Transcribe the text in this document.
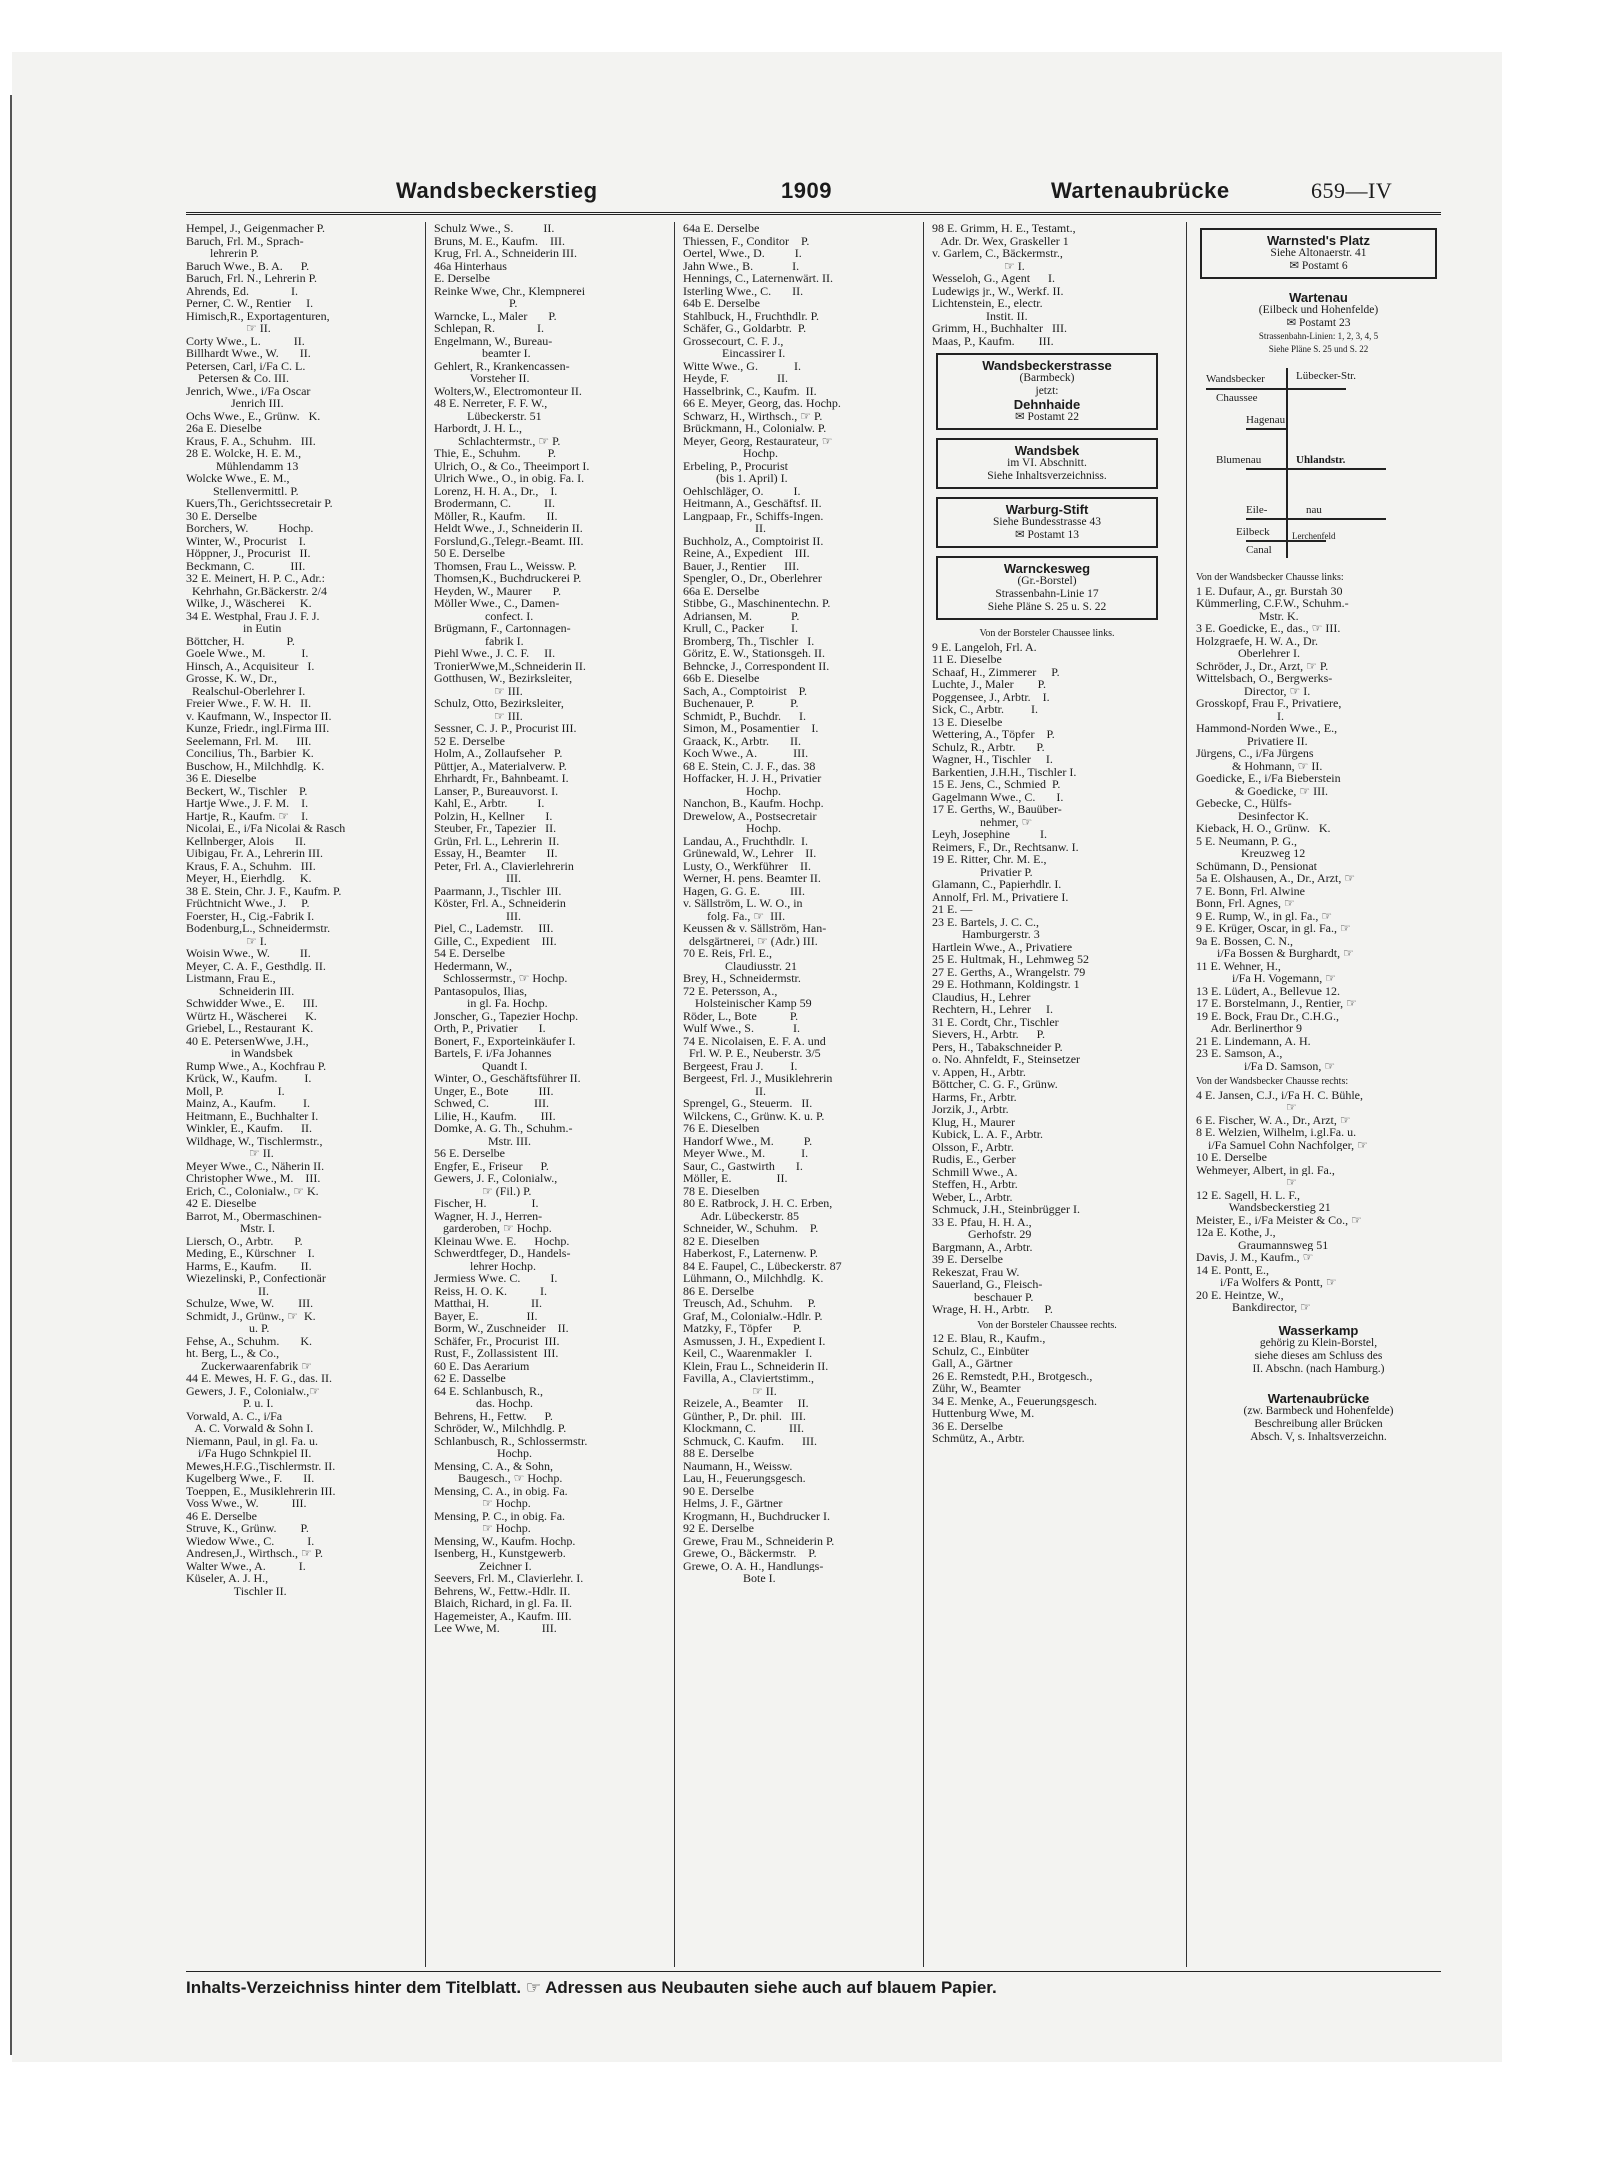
Wandsbeckerstieg	1909	Wartenaubrücke	659—IV
Hempel, J., Geigenmacher P.
Baruch, Frl. M., Sprach-
lehrerin P.
Baruch Wwe., B. A.      P.
Baruch, Frl. N., Lehrerin P.
Ahrends, Ed.              I.
Perner, C. W., Rentier     I.
Himisch,R., Exportagenturen,
☞ II.
Corty Wwe., L.           II.
Billhardt Wwe., W.       II.
Petersen, Carl, i/Fa C. L.
Petersen & Co. III.
Jenrich, Wwe., i/Fa Oscar
Jenrich III.
Ochs Wwe., E., Grünw.   K.
26a E. Dieselbe
Kraus, F. A., Schuhm.   III.
28 E. Wolcke, H. E. M.,
Mühlendamm 13
Wolcke Wwe., E. M.,
Stellenvermittl. P.
Kuers,Th., Gerichtssecretair P.
30 E. Derselbe
Borchers, W.          Hochp.
Winter, W., Procurist    I.
Höppner, J., Procurist   II.
Beckmann, C.            III.
32 E. Meinert, H. P. C., Adr.:
Kehrhahn, Gr.Bäckerstr. 2/4
Wilke, J., Wäscherei     K.
34 E. Westphal, Frau J. F. J.
in Eutin
Böttcher, H.              P.
Goele Wwe., M.            I.
Hinsch, A., Acquisiteur   I.
Grosse, K. W., Dr.,
Realschul-Oberlehrer I.
Freier Wwe., F. W. H.   II.
v. Kaufmann, W., Inspector II.
Kunze, Friedr., ingl.Firma III.
Seelemann, Frl. M.      III.
Concilius, Th., Barbier  K.
Buschow, H., Milchhdlg.  K.
36 E. Dieselbe
Beckert, W., Tischler    P.
Hartje Wwe., J. F. M.    I.
Hartje, R., Kaufm. ☞    I.
Nicolai, E., i/Fa Nicolai & Rasch
Kellnberger, Alois       II.
Uibigau, Fr. A., Lehrerin III.
Kraus, F. A., Schuhm.   III.
Meyer, H., Eierhdlg.     K.
38 E. Stein, Chr. J. F., Kaufm. P.
Früchtnicht Wwe., J.     P.
Foerster, H., Cig.-Fabrik I.
Bodenburg,L., Schneidermstr.
☞ I.
Woisin Wwe., W.          II.
Meyer, C. A. F., Gesthdlg. II.
Listmann, Frau E.,
Schneiderin III.
Schwidder Wwe., E.      III.
Würtz H., Wäscherei      K.
Griebel, L., Restaurant  K.
40 E. PetersenWwe, J.H.,
in Wandsbek
Rump Wwe., A., Kochfrau P.
Krück, W., Kaufm.         I.
Moll, P.                  I.
Mainz, A., Kaufm.         I.
Heitmann, E., Buchhalter I.
Winkler, E., Kaufm.      II.
Wildhage, W., Tischlermstr.,
☞ II.
Meyer Wwe., C., Näherin II.
Christopher Wwe., M.    III.
Erich, C., Colonialw., ☞ K.
42 E. Dieselbe
Barrot, M., Obermaschinen-
Mstr. I.
Liersch, O., Arbtr.       P.
Meding, E., Kürschner    I.
Harms, E., Kaufm.        II.
Wiezelinski, P., Confectionär
II.
Schulze, Wwe, W.        III.
Schmidt, J., Grünw., ☞  K.
u. P.
Fehse, A., Schuhm.       K.
ht. Berg, L., & Co.,
Zuckerwaarenfabrik ☞
44 E. Mewes, H. F. G., das. II.
Gewers, J. F., Colonialw.,☞
P. u. I.
Vorwald, A. C., i/Fa
A. C. Vorwald & Sohn I.
Niemann, Paul, in gl. Fa. u.
i/Fa Hugo Schnkpiel II.
Mewes,H.F.G.,Tischlermstr. II.
Kugelberg Wwe., F.       II.
Toeppen, E., Musiklehrerin III.
Voss Wwe., W.           III.
46 E. Derselbe
Struve, K., Grünw.        P.
Wiedow Wwe., C.           I.
Andresen,J., Wirthsch., ☞ P.
Walter Wwe., A.           I.
Küseler, A. J. H.,
Tischler II.
Schulz Wwe., S.          II.
Bruns, M. E., Kaufm.    III.
Krug, Frl. A., Schneiderin III.
46a Hinterhaus
E. Derselbe
Reinke Wwe, Chr., Klempnerei
P.
Warncke, L., Maler       P.
Schlepan, R.              I.
Engelmann, W., Bureau-
beamter I.
Gehlert, R., Krankencassen-
Vorsteher II.
Wolters,W., Electromonteur II.
48 E. Nerreter, F. F. W.,
Lübeckerstr. 51
Harbordt, J. H. L.,
Schlachtermstr., ☞ P.
Thie, E., Schuhm.         P.
Ulrich, O., & Co., Theeimport I.
Ulrich Wwe., O., in obig. Fa. I.
Lorenz, H. H. A., Dr.,    I.
Brodermann, C.           II.
Möller, R., Kaufm.       II.
Heldt Wwe., J., Schneiderin II.
Forslund,G.,Telegr.-Beamt. III.
50 E. Derselbe
Thomsen, Frau L., Weissw. P.
Thomsen,K., Buchdruckerei P.
Heyden, W., Maurer       P.
Möller Wwe., C., Damen-
confect. I.
Brügmann, F., Cartonnagen-
fabrik I.
Piehl Wwe., J. C. F.     II.
TronierWwe,M.,Schneiderin II.
Gotthusen, W., Bezirksleiter,
☞ III.
Schulz, Otto, Bezirksleiter,
☞ III.
Sessner, C. J. P., Procurist III.
52 E. Derselbe
Holm, A., Zollaufseher   P.
Püttjer, A., Materialverw. P.
Ehrhardt, Fr., Bahnbeamt. I.
Lanser, P., Bureauvorst. I.
Kahl, E., Arbtr.          I.
Polzin, H., Kellner       I.
Steuber, Fr., Tapezier   II.
Grün, Frl. L., Lehrerin  II.
Essay, H., Beamter       II.
Peter, Frl. A., Clavierlehrerin
III.
Paarmann, J., Tischler  III.
Köster, Frl. A., Schneiderin
III.
Piel, C., Lademstr.     III.
Gille, C., Expedient    III.
54 E. Derselbe
Hedermann, W.,
Schlossermstr., ☞ Hochp.
Pantasopulos, Ilias,
in gl. Fa. Hochp.
Jonscher, G., Tapezier Hochp.
Orth, P., Privatier       I.
Bonert, F., Exporteinkäufer I.
Bartels, F. i/Fa Johannes
Quandt I.
Winter, O., Geschäftsführer II.
Unger, E., Bote          III.
Schwed, C.               III.
Lilie, H., Kaufm.        III.
Domke, A. G. Th., Schuhm.-
Mstr. III.
56 E. Derselbe
Engfer, E., Friseur      P.
Gewers, J. F., Colonialw.,
☞ (Fil.) P.
Fischer, H.               I.
Wagner, H. J., Herren-
garderoben, ☞ Hochp.
Kleinau Wwe. E.      Hochp.
Schwerdtfeger, D., Handels-
lehrer Hochp.
Jermiess Wwe. C.          I.
Reiss, H. O. K.           I.
Matthai, H.              II.
Bayer, E.                II.
Borm, W., Zuschneider    II.
Schäfer, Fr., Procurist  III.
Rust, F., Zollassistent  III.
60 E. Das Aerarium
62 E. Dasselbe
64 E. Schlanbusch, R.,
das. Hochp.
Behrens, H., Fettw.      P.
Schröder, W., Milchhdlg. P.
Schlanbusch, R., Schlossermstr.
Hochp.
Mensing, C. A., & Sohn,
Baugesch., ☞ Hochp.
Mensing, C. A., in obig. Fa.
☞ Hochp.
Mensing, P. C., in obig. Fa.
☞ Hochp.
Mensing, W., Kaufm. Hochp.
Isenberg, H., Kunstgewerb.
Zeichner I.
Seevers, Frl. M., Clavierlehr. I.
Behrens, W., Fettw.-Hdlr. II.
Blaich, Richard, in gl. Fa. II.
Hagemeister, A., Kaufm. III.
Lee Wwe, M.              III.
64a E. Derselbe
Thiessen, F., Conditor    P.
Oertel, Wwe., D.          I.
Jahn Wwe., B.             I.
Hennings, C., Laternenwärt. II.
Isterling Wwe., C.       II.
64b E. Derselbe
Stahlbuck, H., Fruchthdlr. P.
Schäfer, G., Goldarbtr.  P.
Grossecourt, C. F. J.,
Eincassirer I.
Witte Wwe., G.            I.
Heyde, F.                II.
Hasselbrink, C., Kaufm.  II.
66 E. Meyer, Georg, das. Hochp.
Schwarz, H., Wirthsch., ☞ P.
Brückmann, H., Colonialw. P.
Meyer, Georg, Restaurateur, ☞
Hochp.
Erbeling, P., Procurist
(bis 1. April) I.
Oehlschläger, O.          I.
Heitmann, A., Geschäftsf. II.
Langpaap, Fr., Schiffs-Ingen.
II.
Buchholz, A., Comptoirist II.
Reine, A., Expedient    III.
Bauer, J., Rentier      III.
Spengler, O., Dr., Oberlehrer
66a E. Derselbe
Stibbe, G., Maschinentechn. P.
Adriansen, M.             P.
Krull, C., Packer         I.
Bromberg, Th., Tischler   I.
Göritz, E. W., Stationsgeh. II.
Behncke, J., Correspondent II.
66b E. Dieselbe
Sach, A., Comptoirist    P.
Buchenauer, P.            P.
Schmidt, P., Buchdr.      I.
Simon, M., Posamentier    I.
Graack, K., Arbtr.       II.
Koch Wwe., A.            III.
68 E. Stein, C. J. F., das. 38
Hoffacker, H. J. H., Privatier
Hochp.
Nanchon, B., Kaufm. Hochp.
Drewelow, A., Postsecretair
Hochp.
Landau, A., Fruchthdlr.  I.
Grünewald, W., Lehrer    II.
Lusty, O., Werkführer    II.
Werner, H. pens. Beamter II.
Hagen, G. G. E.          III.
v. Sällström, L. W. O., in
folg. Fa., ☞  III.
Keussen & v. Sällström, Han-
delsgärtnerei, ☞ (Adr.) III.
70 E. Reis, Frl. E.,
Claudiusstr. 21
Brey, H., Schneidermstr.
72 E. Petersson, A.,
Holsteinischer Kamp 59
Röder, L., Bote           P.
Wulf Wwe., S.             I.
74 E. Nicolaisen, E. F. A. und
Frl. W. P. E., Neuberstr. 3/5
Bergeest, Frau J.         I.
Bergeest, Frl. J., Musiklehrerin
II.
Sprengel, G., Steuerm.   II.
Wilckens, C., Grünw. K. u. P.
76 E. Dieselben
Handorf Wwe., M.          P.
Meyer Wwe., M.            I.
Saur, C., Gastwirth       I.
Möller, E.               II.
78 E. Dieselben
80 E. Ratbrock, J. H. C. Erben,
Adr. Lübeckerstr. 85
Schneider, W., Schuhm.    P.
82 E. Dieselben
Haberkost, F., Laternenw. P.
84 E. Faupel, C., Lübeckerstr. 87
Lühmann, O., Milchhdlg.  K.
86 E. Derselbe
Treusch, Ad., Schuhm.     P.
Graf, M., Colonialw.-Hdlr. P.
Matzky, F., Töpfer       P.
Asmussen, J. H., Expedient I.
Keil, C., Waarenmakler   I.
Klein, Frau L., Schneiderin II.
Favilla, A., Claviertstimm.,
☞ II.
Reizele, A., Beamter     II.
Günther, P., Dr. phil.   III.
Klockmann, C.           III.
Schmuck, C. Kaufm.      III.
88 E. Derselbe
Naumann, H., Weissw.
Lau, H., Feuerungsgesch.
90 E. Derselbe
Helms, J. F., Gärtner
Krogmann, H., Buchdrucker I.
92 E. Derselbe
Grewe, Frau M., Schneiderin P.
Grewe, O., Bäckermstr.    P.
Grewe, O. A. H., Handlungs-
Bote I.
98 E. Grimm, H. E., Testamt.,
Adr. Dr. Wex, Graskeller 1
v. Garlem, C., Bäckermstr.,
☞ I.
Wesseloh, G., Agent      I.
Ludewigs jr., W., Werkf. II.
Lichtenstein, E., electr.
Instit. II.
Grimm, H., Buchhalter   III.
Maas, P., Kaufm.        III.
Wandsbeckerstrasse
(Barmbeck)
jetzt:
Dehnhaide
✉ Postamt 22
Wandsbek
im VI. Abschnitt.
Siehe Inhaltsverzeichniss.
Warburg-Stift
Siehe Bundesstrasse 43
✉ Postamt 13
Warnckesweg
(Gr.-Borstel)
Strassenbahn-Linie 17
Siehe Pläne S. 25 u. S. 22
Von der Borsteler Chaussee links.
9 E. Langeloh, Frl. A.
11 E. Dieselbe
Schaaf, H., Zimmerer     P.
Luchte, J., Maler        P.
Poggensee, J., Arbtr.    I.
Sick, C., Arbtr.         I.
13 E. Dieselbe
Wettering, A., Töpfer    P.
Schulz, R., Arbtr.       P.
Wagner, H., Tischler     I.
Barkentien, J.H.H., Tischler I.
15 E. Jens, C., Schmied  P.
Gagelmann Wwe., C.       I.
17 E. Gerths, W., Bauüber-
nehmer, ☞
Leyh, Josephine          I.
Reimers, F., Dr., Rechtsanw. I.
19 E. Ritter, Chr. M. E.,
Privatier P.
Glamann, C., Papierhdlr. I.
Annolf, Frl. M., Privatiere I.
21 E. —
23 E. Bartels, J. C. C.,
Hamburgerstr. 3
Hartlein Wwe., A., Privatiere
25 E. Hultmak, H., Lehmweg 52
27 E. Gerths, A., Wrangelstr. 79
29 E. Hothmann, Koldingstr. 1
Claudius, H., Lehrer
Rechtern, H., Lehrer     I.
31 E. Cordt, Chr., Tischler
Sievers, H., Arbtr.      P.
Pers, H., Tabakschneider P.
o. No. Ahnfeldt, F., Steinsetzer
v. Appen, H., Arbtr.
Böttcher, C. G. F., Grünw.
Harms, Fr., Arbtr.
Jorzik, J., Arbtr.
Klug, H., Maurer
Kubick, L. A. F., Arbtr.
Olsson, F., Arbtr.
Rudis, E., Gerber
Schmill Wwe., A.
Steffen, H., Arbtr.
Weber, L., Arbtr.
Schmuck, J.H., Steinbrügger I.
33 E. Pfau, H. H. A.,
Gerhofstr. 29
Bargmann, A., Arbtr.
39 E. Derselbe
Rekeszat, Frau W.
Sauerland, G., Fleisch-
beschauer P.
Wrage, H. H., Arbtr.     P.
Von der Borsteler Chaussee rechts.
12 E. Blau, R., Kaufm.,
Schulz, C., Einbüter
Gall, A., Gärtner
26 E. Remstedt, P.H., Brotgesch.,
Zühr, W., Beamter
34 E. Menke, A., Feuerungsgesch.
Huttenburg Wwe, M.
36 E. Derselbe
Schmütz, A., Arbtr.
Warnsted's Platz
Siehe Altonaerstr. 41
✉ Postamt 6
Wartenau
(Eilbeck und Hohenfelde)
✉ Postamt 23
Strassenbahn-Linien: 1, 2, 3, 4, 5
Siehe Pläne S. 25 und S. 22
Wandsbecker
Chaussee
Lübecker-Str.
Hagenau
Blumenau	Uhlandstr.
Eilbeck
Canal
Eile-	nau
Lerchenfeld
Von der Wandsbecker Chausse links:
1 E. Dufaur, A., gr. Burstah 30
Kümmerling, C.F.W., Schuhm.-
Mstr. K.
3 E. Goedicke, E., das., ☞ III.
Holzgraefe, H. W. A., Dr.
Oberlehrer I.
Schröder, J., Dr., Arzt, ☞ P.
Wittelsbach, O., Bergwerks-
Director, ☞ I.
Grosskopf, Frau F., Privatiere,
I.
Hammond-Norden Wwe., E.,
Privatiere II.
Jürgens, C., i/Fa Jürgens
& Hohmann, ☞ II.
Goedicke, E., i/Fa Bieberstein
& Goedicke, ☞ III.
Gebecke, C., Hülfs-
Desinfector K.
Kieback, H. O., Grünw.   K.
5 E. Neumann, P. G.,
Kreuzweg 12
Schümann, D., Pensionat
5a E. Olshausen, A., Dr., Arzt, ☞
7 E. Bonn, Frl. Alwine
Bonn, Frl. Agnes, ☞
9 E. Rump, W., in gl. Fa., ☞
9 E. Krüger, Oscar, in gl. Fa., ☞
9a E. Bossen, C. N.,
i/Fa Bossen & Burghardt, ☞
11 E. Wehner, H.,
i/Fa H. Vogemann, ☞
13 E. Lüdert, A., Bellevue 12.
17 E. Borstelmann, J., Rentier, ☞
19 E. Bock, Frau Dr., C.H.G.,
Adr. Berlinerthor 9
21 E. Lindemann, A. H.
23 E. Samson, A.,
i/Fa D. Samson, ☞
Von der Wandsbecker Chausse rechts:
4 E. Jansen, C.J., i/Fa H. C. Bühle,
☞
6 E. Fischer, W. A., Dr., Arzt, ☞
8 E. Welzien, Wilhelm, i.gl.Fa. u.
i/Fa Samuel Cohn Nachfolger, ☞
10 E. Derselbe
Wehmeyer, Albert, in gl. Fa.,
☞
12 E. Sagell, H. L. F.,
Wandsbeckerstieg 21
Meister, E., i/Fa Meister & Co., ☞
12a E. Kothe, J.,
Graumannsweg 51
Davis, J. M., Kaufm., ☞
14 E. Pontt, E.,
i/Fa Wolfers & Pontt, ☞
20 E. Heintze, W.,
Bankdirector, ☞
Wasserkamp
gehörig zu Klein-Borstel,
siehe dieses am Schluss des
II. Abschn. (nach Hamburg.)
Wartenaubrücke
(zw. Barmbeck und Hohenfelde)
Beschreibung aller Brücken
Absch. V, s. Inhaltsverzeichn.
Inhalts-Verzeichniss hinter dem Titelblatt. ☞ Adressen aus Neubauten siehe auch auf blauem Papier.
